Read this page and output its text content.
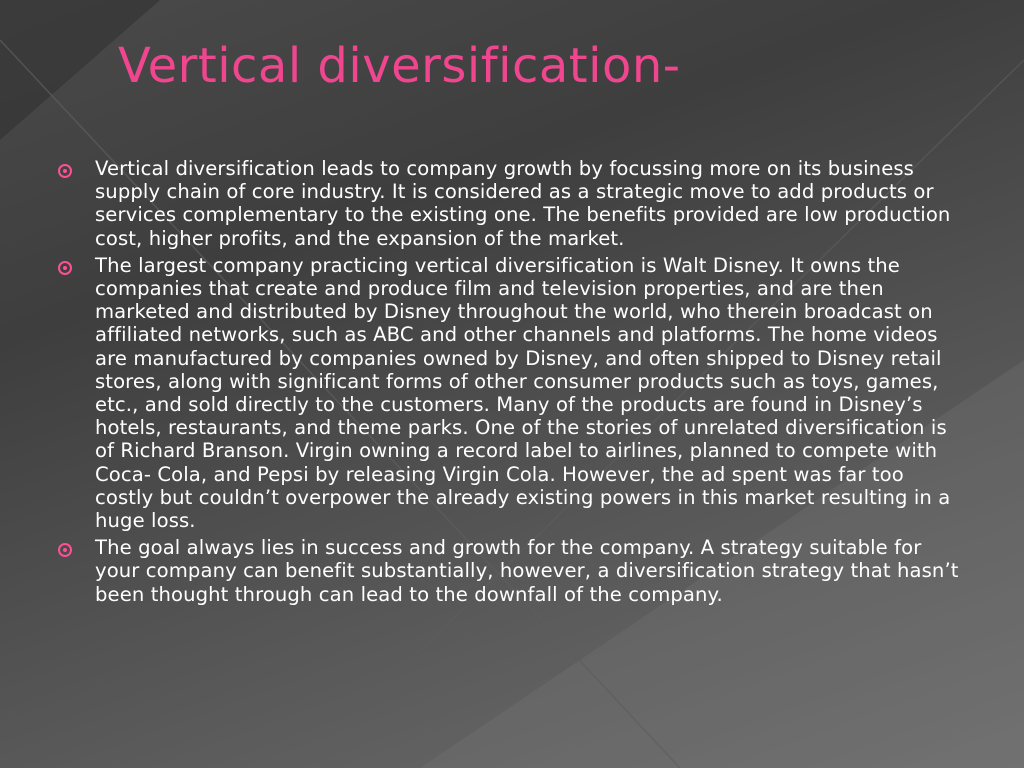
Vertical diversification-
Vertical diversification leads to company growth by focussing more on its business supply chain of core industry. It is considered as a strategic move to add products or services complementary to the existing one. The benefits provided are low production cost, higher profits, and the expansion of the market.
The largest company practicing vertical diversification is Walt Disney. It owns the companies that create and produce film and television properties, and are then marketed and distributed by Disney throughout the world, who therein broadcast on affiliated networks, such as ABC and other channels and platforms. The home videos are manufactured by companies owned by Disney, and often shipped to Disney retail stores, along with significant forms of other consumer products such as toys, games, etc., and sold directly to the customers. Many of the products are found in Disney’s hotels, restaurants, and theme parks. One of the stories of unrelated diversification is of Richard Branson. Virgin owning a record label to airlines, planned to compete with Coca- Cola, and Pepsi by releasing Virgin Cola. However, the ad spent was far too costly but couldn’t overpower the already existing powers in this market resulting in a huge loss.
The goal always lies in success and growth for the company. A strategy suitable for your company can benefit substantially, however, a diversification strategy that hasn’t been thought through can lead to the downfall of the company.
